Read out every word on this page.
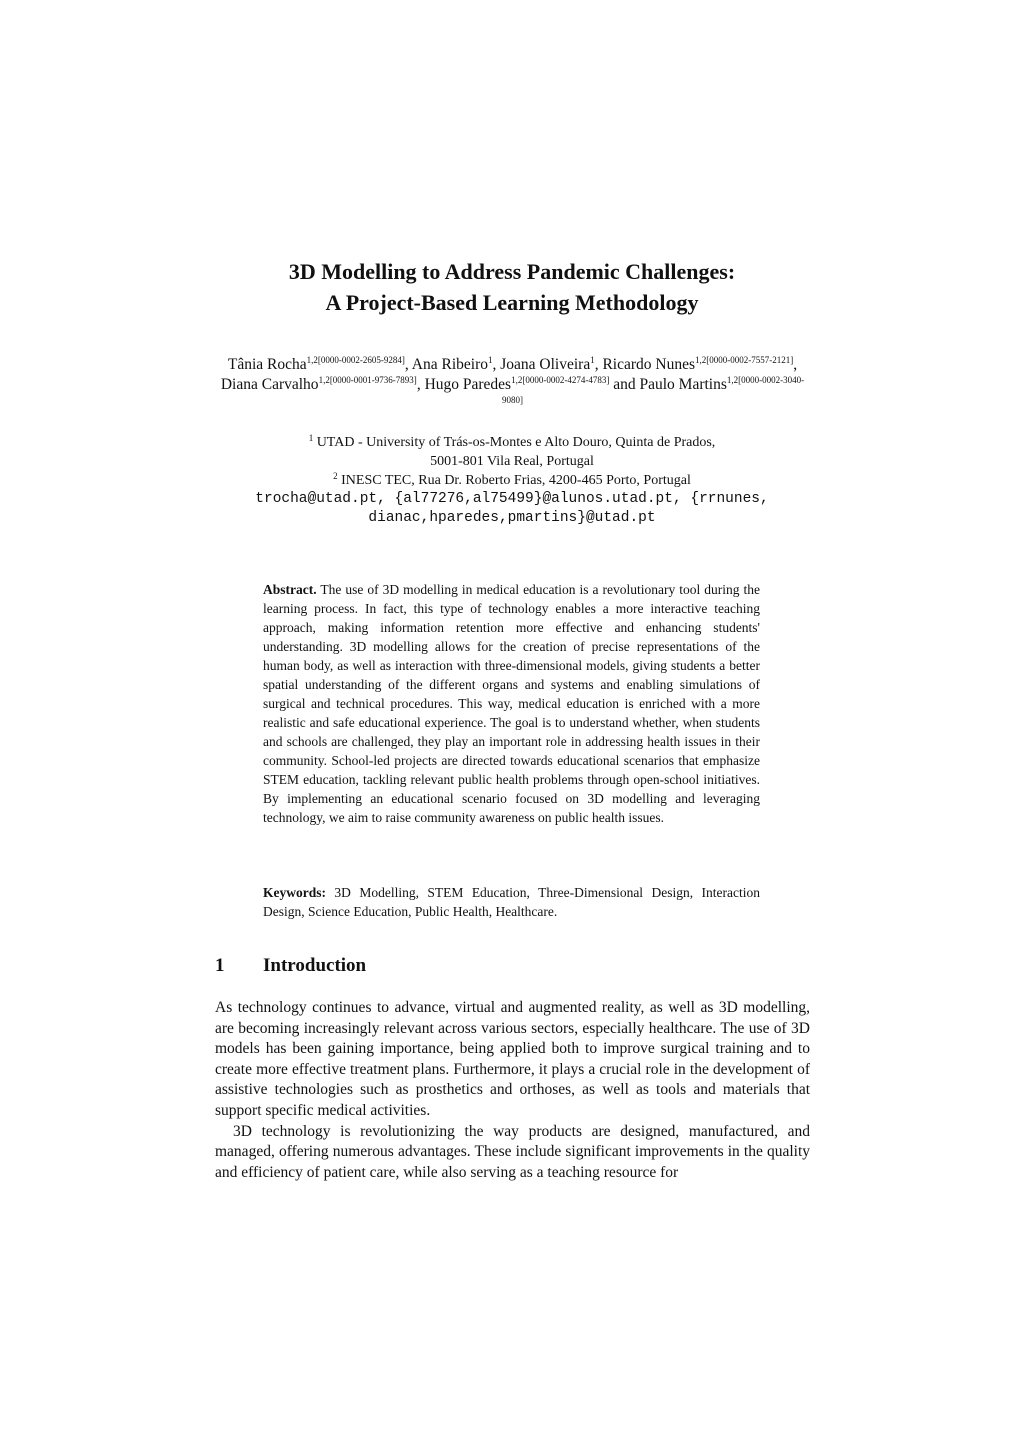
3D Modelling to Address Pandemic Challenges:
A Project-Based Learning Methodology
Tânia Rocha$^{1,2[0000-0002-2605-9284]}$, Ana Ribeiro$^1$, Joana Oliveira$^1$, Ricardo Nunes$^{1,2[0000-0002-7557-2121]}$, Diana Carvalho$^{1,2[0000-0001-9736-7893]}$, Hugo Paredes$^{1,2[0000-0002-4274-4783]}$ and Paulo Martins$^{1,2[0000-0002-3040-9080]}$
$^1$ UTAD - University of Trás-os-Montes e Alto Douro, Quinta de Prados,
5001-801 Vila Real, Portugal
$^2$ INESC TEC, Rua Dr. Roberto Frias, 4200-465 Porto, Portugal
trocha@utad.pt, {al77276,al75499}@alunos.utad.pt, {rrnunes,
dianac,hparedes,pmartins}@utad.pt
Abstract. The use of 3D modelling in medical education is a revolutionary tool during the learning process. In fact, this type of technology enables a more interactive teaching approach, making information retention more effective and enhancing students' understanding. 3D modelling allows for the creation of precise representations of the human body, as well as interaction with three-dimensional models, giving students a better spatial understanding of the different organs and systems and enabling simulations of surgical and technical procedures. This way, medical education is enriched with a more realistic and safe educational experience. The goal is to understand whether, when students and schools are challenged, they play an important role in addressing health issues in their community. School-led projects are directed towards educational scenarios that emphasize STEM education, tackling relevant public health problems through open-school initiatives. By implementing an educational scenario focused on 3D modelling and leveraging technology, we aim to raise community awareness on public health issues.
Keywords: 3D Modelling, STEM Education, Three-Dimensional Design, Interaction Design, Science Education, Public Health, Healthcare.
1 Introduction

As technology continues to advance, virtual and augmented reality, as well as 3D modelling, are becoming increasingly relevant across various sectors, especially healthcare. The use of 3D models has been gaining importance, being applied both to improve surgical training and to create more effective treatment plans. Furthermore, it plays a crucial role in the development of assistive technologies such as prosthetics and orthoses, as well as tools and materials that support specific medical activities.

3D technology is revolutionizing the way products are designed, manufactured, and managed, offering numerous advantages. These include significant improvements in the quality and efficiency of patient care, while also serving as a teaching resource for
